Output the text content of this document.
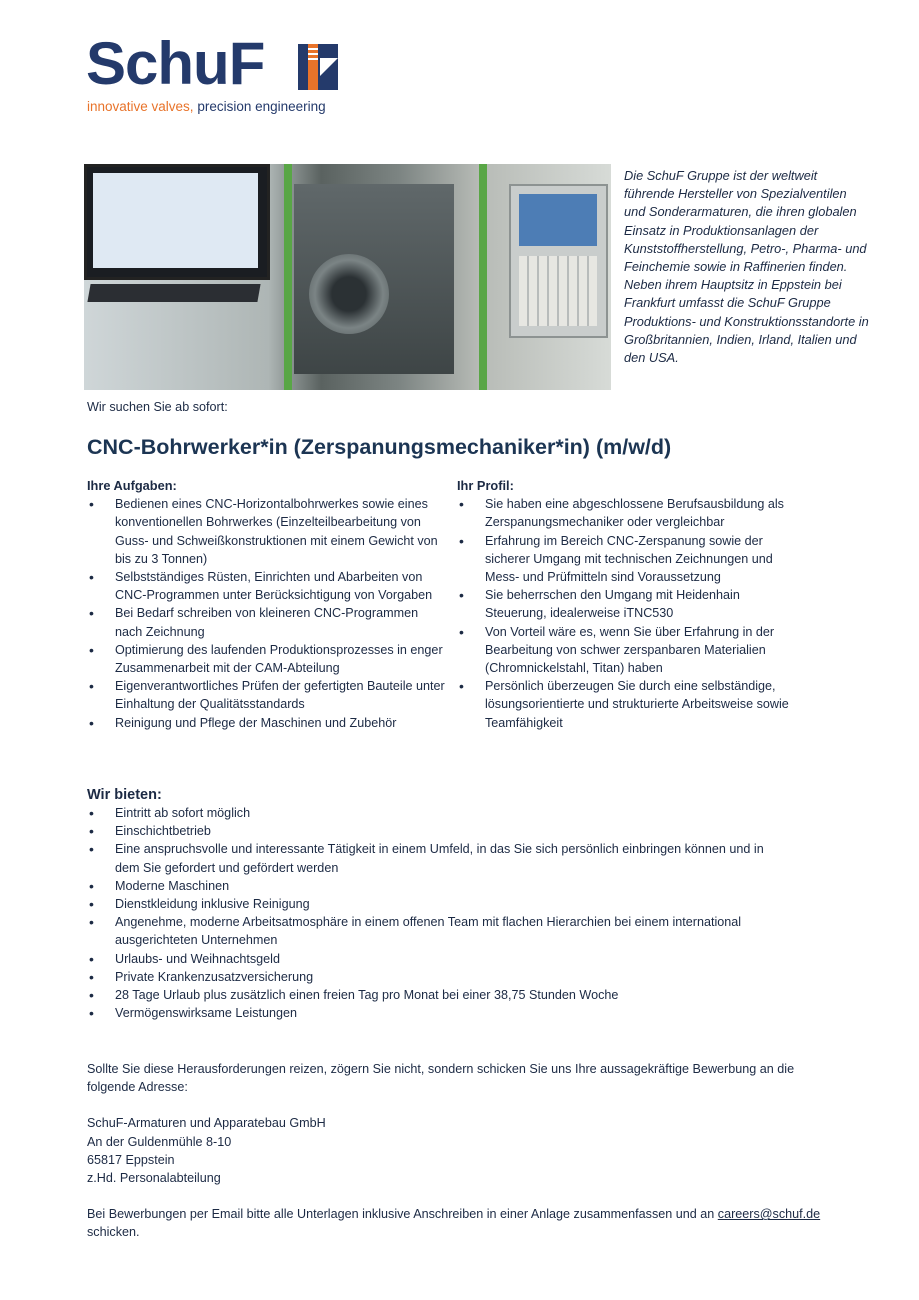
SchuF
innovative valves, precision engineering
Die SchuF Gruppe ist der weltweit führende Hersteller von Spezialventilen und Sonderarmaturen, die ihren globalen Einsatz in Produktionsanlagen der Kunststoffherstellung, Petro-, Pharma- und Feinchemie sowie in Raffinerien finden. Neben ihrem Hauptsitz in Eppstein bei Frankfurt umfasst die SchuF Gruppe Produktions- und Konstruktionsstandorte in Großbritannien, Indien, Irland, Italien und den USA.
Wir suchen Sie ab sofort:
CNC-Bohrwerker*in (Zerspanungsmechaniker*in) (m/w/d)
Ihre Aufgaben:
• Bedienen eines CNC-Horizontalbohrwerkes sowie eines konventionellen Bohrwerkes (Einzelteilbearbeitung von Guss- und Schweißkonstruktionen mit einem Gewicht von bis zu 3 Tonnen)
• Selbstständiges Rüsten, Einrichten und Abarbeiten von CNC-Programmen unter Berücksichtigung von Vorgaben
• Bei Bedarf schreiben von kleineren CNC-Programmen nach Zeichnung
• Optimierung des laufenden Produktionsprozesses in enger Zusammenarbeit mit der CAM-Abteilung
• Eigenverantwortliches Prüfen der gefertigten Bauteile unter Einhaltung der Qualitätsstandards
• Reinigung und Pflege der Maschinen und Zubehör
Ihr Profil:
• Sie haben eine abgeschlossene Berufsausbildung als Zerspanungsmechaniker oder vergleichbar
• Erfahrung im Bereich CNC-Zerspanung sowie der sicherer Umgang mit technischen Zeichnungen und Mess- und Prüfmitteln sind Voraussetzung
• Sie beherrschen den Umgang mit Heidenhain Steuerung, idealerweise iTNC530
• Von Vorteil wäre es, wenn Sie über Erfahrung in der Bearbeitung von schwer zerspanbaren Materialien (Chromnickelstahl, Titan) haben
• Persönlich überzeugen Sie durch eine selbständige, lösungsorientierte und strukturierte Arbeitsweise sowie Teamfähigkeit
Wir bieten:
• Eintritt ab sofort möglich
• Einschichtbetrieb
• Eine anspruchsvolle und interessante Tätigkeit in einem Umfeld, in das Sie sich persönlich einbringen können und in dem Sie gefordert und gefördert werden
• Moderne Maschinen
• Dienstkleidung inklusive Reinigung
• Angenehme, moderne Arbeitsatmosphäre in einem offenen Team mit flachen Hierarchien bei einem international ausgerichteten Unternehmen
• Urlaubs- und Weihnachtsgeld
• Private Krankenzusatzversicherung
• 28 Tage Urlaub plus zusätzlich einen freien Tag pro Monat bei einer 38,75 Stunden Woche
• Vermögenswirksame Leistungen

Sollte Sie diese Herausforderungen reizen, zögern Sie nicht, sondern schicken Sie uns Ihre aussagekräftige Bewerbung an die folgende Adresse:

SchuF-Armaturen und Apparatebau GmbH
An der Guldenmühle 8-10
65817 Eppstein
z.Hd. Personalabteilung

Bei Bewerbungen per Email bitte alle Unterlagen inklusive Anschreiben in einer Anlage zusammenfassen und an careers@schuf.de schicken.
